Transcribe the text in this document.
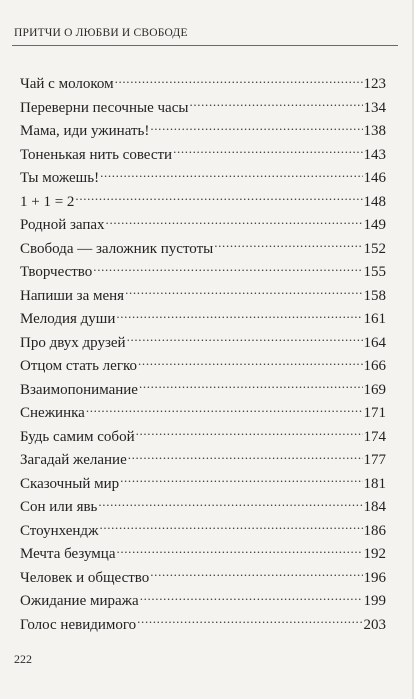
ПРИТЧИ О ЛЮБВИ И СВОБОДЕ
Чай с молоком . . .	123
Переверни песочные часы . . .	134
Мама, иди ужинать! . . .	138
Тоненькая нить совести . . .	143
Ты можешь! . . .	146
1 + 1 = 2 . . .	148
Родной запах . . .	149
Свобода — заложник пустоты . . .	152
Творчество . . .	155
Напиши за меня . . .	158
Мелодия души . . .	161
Про двух друзей . . .	164
Отцом стать легко . . .	166
Взаимопонимание . . .	169
Снежинка . . .	171
Будь самим собой . . .	174
Загадай желание . . .	177
Сказочный мир . . .	181
Сон или явь . . .	184
Стоунхендж . . .	186
Мечта безумца . . .	192
Человек и общество . . .	196
Ожидание миража . . .	199
Голос невидимого . . .	203
222
